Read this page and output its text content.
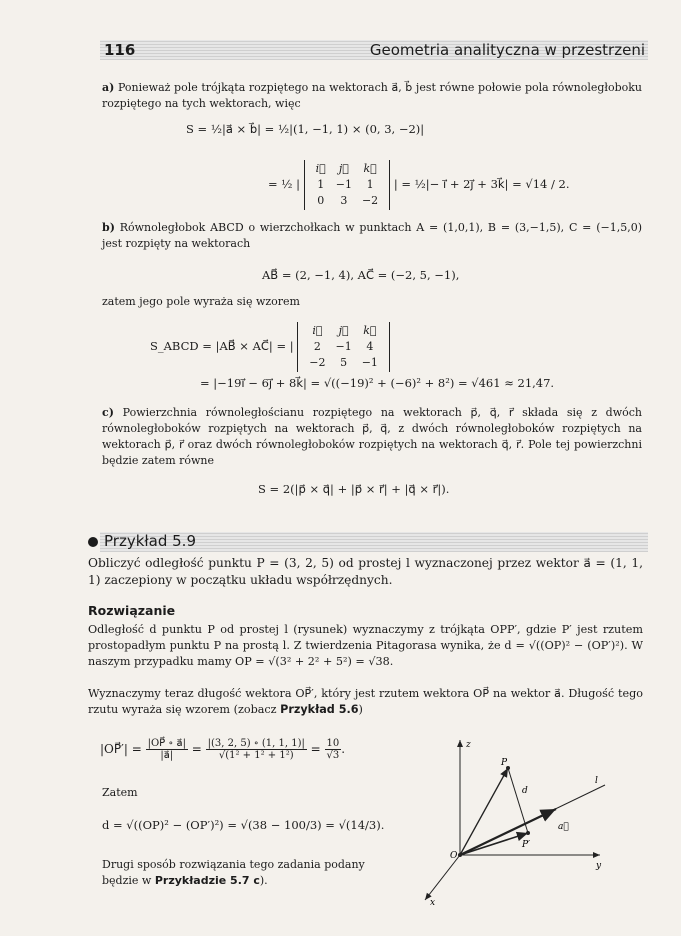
116	Geometria analityczna w przestrzeni
a) Ponieważ pole trójkąta rozpiętego na wektorach a⃗, b⃗ jest równe połowie pola równoległoboku rozpiętego na tych wektorach, więc
S = ½|a⃗ × b⃗| = ½|(1, −1, 1) × (0, 3, −2)|
= ½ | i⃗	j⃗	k⃗
1	−1	1
0	3	−2 | = ½|− i⃗ + 2j⃗ + 3k⃗| = √14 / 2.
b) Równoległobok ABCD o wierzchołkach w punktach A = (1,0,1), B = (3,−1,5), C = (−1,5,0) jest rozpięty na wektorach
AB⃗ = (2, −1, 4), AC⃗ = (−2, 5, −1),
zatem jego pole wyraża się wzorem
S_ABCD = |AB⃗ × AC⃗| = | i⃗	j⃗	k⃗
2	−1	4
−2	5	−1
= |−19i⃗ − 6j⃗ + 8k⃗| = √((−19)² + (−6)² + 8²) = √461 ≈ 21,47.
c) Powierzchnia równoległościanu rozpiętego na wektorach p⃗, q⃗, r⃗ składa się z dwóch równoległoboków rozpiętych na wektorach p⃗, q⃗, z dwóch równoległoboków rozpiętych na wektorach p⃗, r⃗ oraz dwóch równoległoboków rozpiętych na wektorach q⃗, r⃗. Pole tej powierzchni będzie zatem równe
S = 2(|p⃗ × q⃗| + |p⃗ × r⃗| + |q⃗ × r⃗|).
Przykład 5.9
Obliczyć odległość punktu P = (3, 2, 5) od prostej l wyznaczonej przez wektor a⃗ = (1, 1, 1) zaczepiony w początku układu współrzędnych.
Rozwiązanie
Odległość d punktu P od prostej l (rysunek) wyznaczymy z trójkąta OPP′, gdzie P′ jest rzutem prostopadłym punktu P na prostą l. Z twierdzenia Pitagorasa wynika, że d = √((OP)² − (OP′)²). W naszym przypadku mamy OP = √(3² + 2² + 5²) = √38.
Wyznaczymy teraz długość wektora OP⃗′, który jest rzutem wektora OP⃗ na wektor a⃗. Długość tego rzutu wyraża się wzorem (zobacz Przykład 5.6)
|OP⃗′| = $\frac{|OP⃗ \circ a⃗|}{|a⃗|} = \frac{|(3, 2, 5) \circ (1, 1, 1)|}{\text{√(1² + 1² + 1²)}} = \frac{10}{√3}$ .
Zatem
d = √((OP)² − (OP′)²) = √(38 − 100/3) = √(14/3).
Drugi sposób rozwiązania tego zadania podany będzie w Przykładzie 5.7 c).
z
y
x
O
P
P′
d
l
a⃗
